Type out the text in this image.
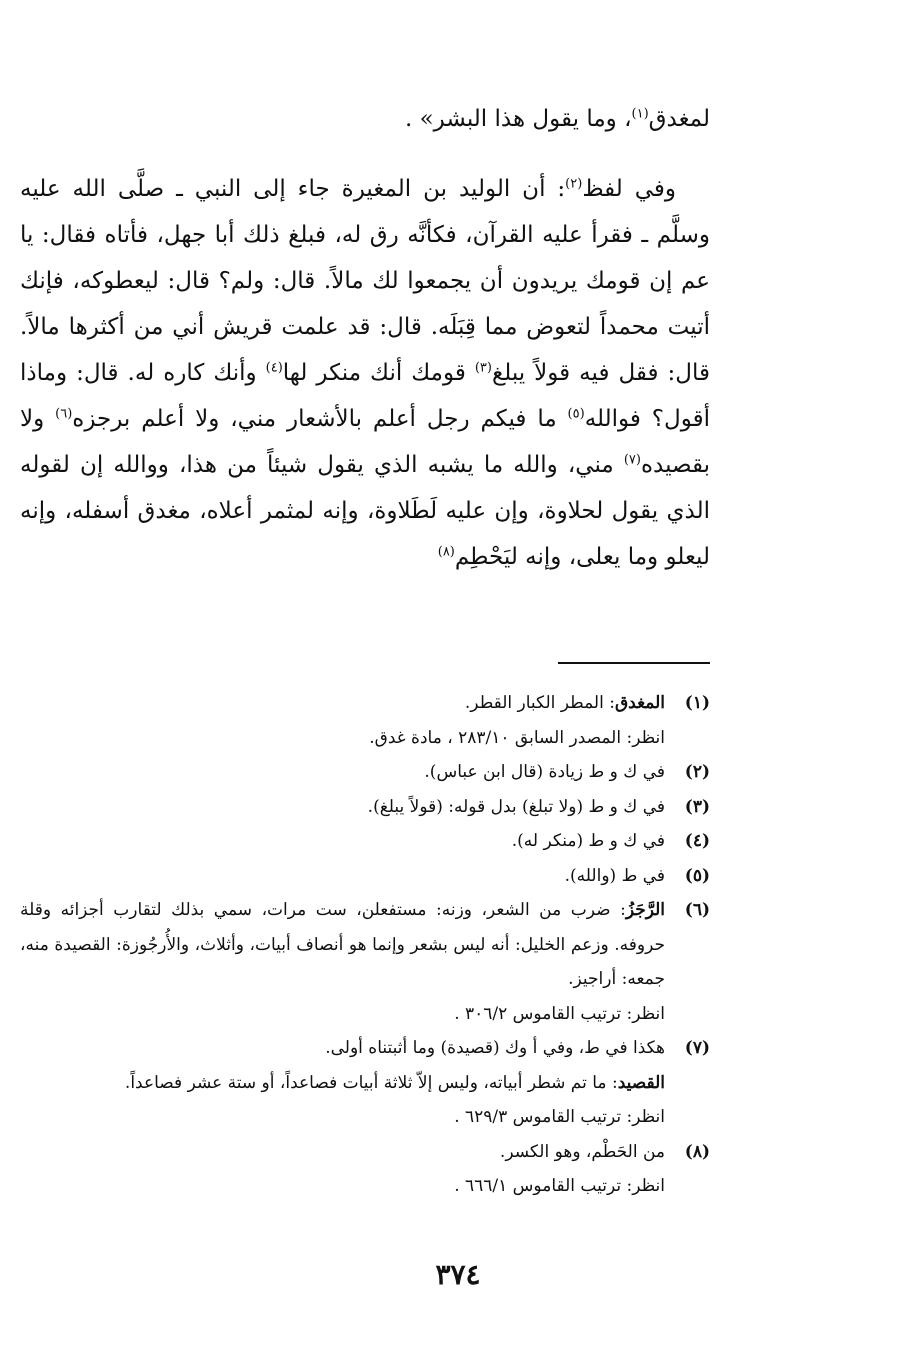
لمغدق$^{(١)}$، وما يقول هذا البشر» .

وفي لفظ$^{(٢)}$: أن الوليد بن المغيرة جاء إلى النبي ـ صلَّى الله عليه وسلَّم ـ فقرأ عليه القرآن، فكأنَّه رق له، فبلغ ذلك أبا جهل، فأتاه فقال: يا عم إن قومك يريدون أن يجمعوا لك مالاً. قال: ولم؟ قال: ليعطوكه، فإنك أتيت محمداً لتعوض مما قِبَلَه. قال: قد علمت قريش أني من أكثرها مالاً. قال: فقل فيه قولاً يبلغ$^{(٣)}$ قومك أنك منكر لها$^{(٤)}$ وأنك كاره له. قال: وماذا أقول؟ فوالله$^{(٥)}$ ما فيكم رجل أعلم بالأشعار مني، ولا أعلم برجزه$^{(٦)}$ ولا بقصيده$^{(٧)}$ مني، والله ما يشبه الذي يقول شيئاً من هذا، ووالله إن لقوله الذي يقول لحلاوة، وإن عليه لَطَلاوة، وإنه لمثمر أعلاه، مغدق أسفله، وإنه ليعلو وما يعلى، وإنه ليَحْطِم$^{(٨)}$

(١)
المغدق: المطر الكبار القطر.
انظر: المصدر السابق ٢٨٣/١٠ ، مادة غدق.
(٢)
في ك و ط زيادة (قال ابن عباس).
(٣)
في ك و ط (ولا تبلغ) بدل قوله: (قولاً يبلغ).
(٤)
في ك و ط (منكر له).
(٥)
في ط (والله).
(٦)
الرَّجَزُ: ضرب من الشعر، وزنه: مستفعلن، ست مرات، سمي بذلك لتقارب أجزائه وقلة حروفه. وزعم الخليل: أنه ليس بشعر وإنما هو أنصاف أبيات، وأثلاث، والأُرجُوزة: القصيدة منه، جمعه: أراجيز.
انظر: ترتيب القاموس ٣٠٦/٢ .
(٧)
هكذا في ط، وفي أ وك (قصيدة) وما أثبتناه أولى.
القصيد: ما تم شطر أبياته، وليس إلاّ ثلاثة أبيات فصاعداً، أو ستة عشر فصاعداً.
انظر: ترتيب القاموس ٦٢٩/٣ .
(٨)
من الحَطْم، وهو الكسر.
انظر: ترتيب القاموس ٦٦٦/١ .
٣٧٤
